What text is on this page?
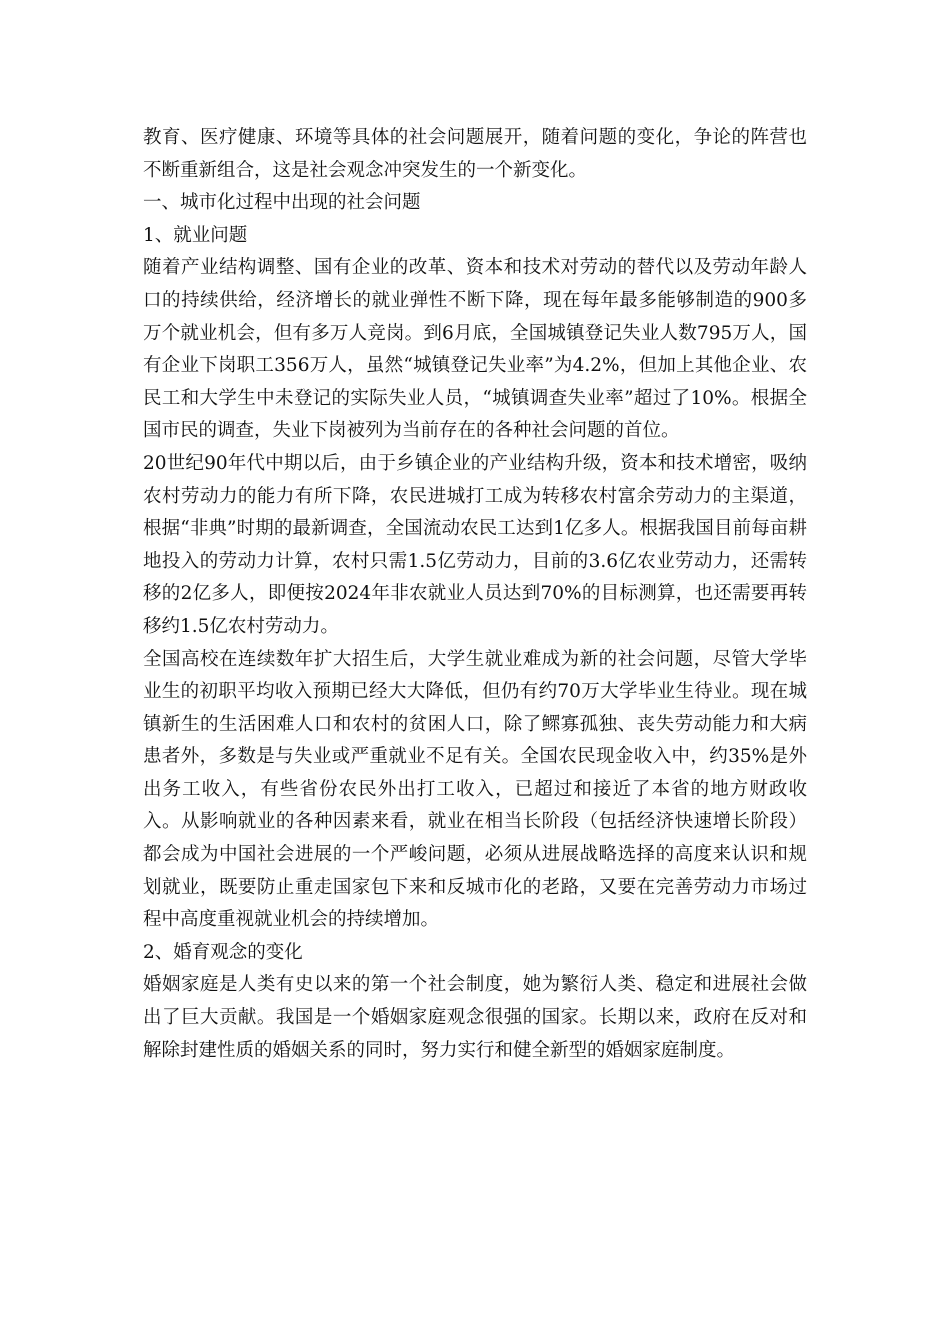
教育、医疗健康、环境等具体的社会问题展开，随着问题的变化，争论的阵营也不断重新组合，这是社会观念冲突发生的一个新变化。

一、城市化过程中出现的社会问题

1、就业问题

随着产业结构调整、国有企业的改革、资本和技术对劳动的替代以及劳动年龄人口的持续供给，经济增长的就业弹性不断下降，现在每年最多能够制造的900多万个就业机会，但有多万人竞岗。到6月底，全国城镇登记失业人数795万人，国有企业下岗职工356万人，虽然“城镇登记失业率”为4.2%，但加上其他企业、农民工和大学生中未登记的实际失业人员，“城镇调查失业率”超过了10%。根据全国市民的调查，失业下岗被列为当前存在的各种社会问题的首位。

20世纪90年代中期以后，由于乡镇企业的产业结构升级，资本和技术增密，吸纳农村劳动力的能力有所下降，农民进城打工成为转移农村富余劳动力的主渠道，根据“非典”时期的最新调查，全国流动农民工达到1亿多人。根据我国目前每亩耕地投入的劳动力计算，农村只需1.5亿劳动力，目前的3.6亿农业劳动力，还需转移的2亿多人，即便按2024年非农就业人员达到70%的目标测算，也还需要再转移约1.5亿农村劳动力。

全国高校在连续数年扩大招生后，大学生就业难成为新的社会问题，尽管大学毕业生的初职平均收入预期已经大大降低，但仍有约70万大学毕业生待业。现在城镇新生的生活困难人口和农村的贫困人口，除了鳏寡孤独、丧失劳动能力和大病患者外，多数是与失业或严重就业不足有关。全国农民现金收入中，约35%是外出务工收入，有些省份农民外出打工收入，已超过和接近了本省的地方财政收入。从影响就业的各种因素来看，就业在相当长阶段（包括经济快速增长阶段）都会成为中国社会进展的一个严峻问题，必须从进展战略选择的高度来认识和规划就业，既要防止重走国家包下来和反城市化的老路，又要在完善劳动力市场过程中高度重视就业机会的持续增加。

2、婚育观念的变化

婚姻家庭是人类有史以来的第一个社会制度，她为繁衍人类、稳定和进展社会做出了巨大贡献。我国是一个婚姻家庭观念很强的国家。长期以来，政府在反对和解除封建性质的婚姻关系的同时，努力实行和健全新型的婚姻家庭制度。
